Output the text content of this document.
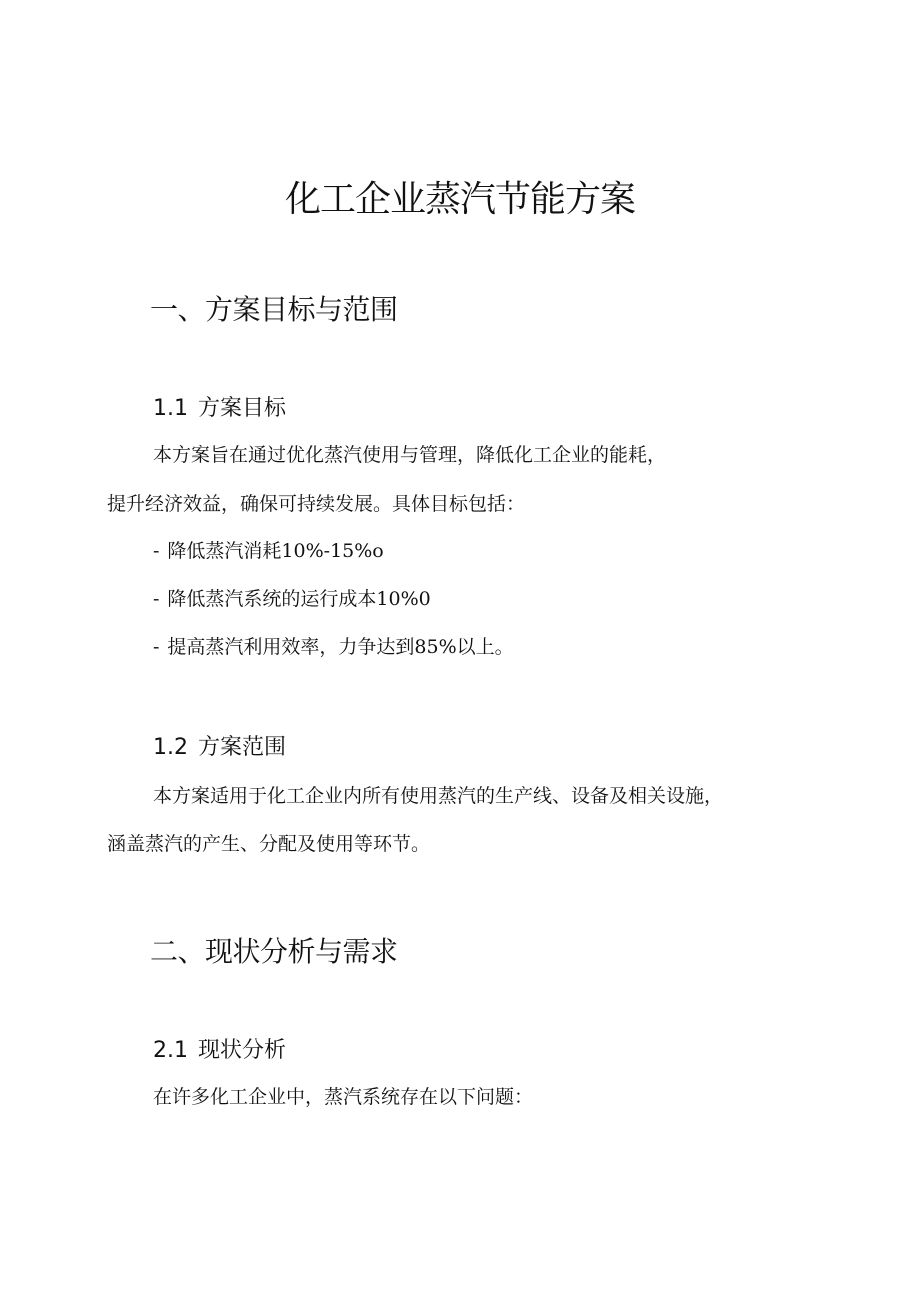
化工企业蒸汽节能方案
一、方案目标与范围
1.1 方案目标

本方案旨在通过优化蒸汽使用与管理，降低化工企业的能耗，

提升经济效益，确保可持续发展。具体目标包括：

- 降低蒸汽消耗10%-15%o

- 降低蒸汽系统的运行成本10%0

- 提高蒸汽利用效率，力争达到85%以上。

1.2 方案范围

本方案适用于化工企业内所有使用蒸汽的生产线、设备及相关设施，

涵盖蒸汽的产生、分配及使用等环节。

二、现状分析与需求
2.1 现状分析

在许多化工企业中，蒸汽系统存在以下问题：
